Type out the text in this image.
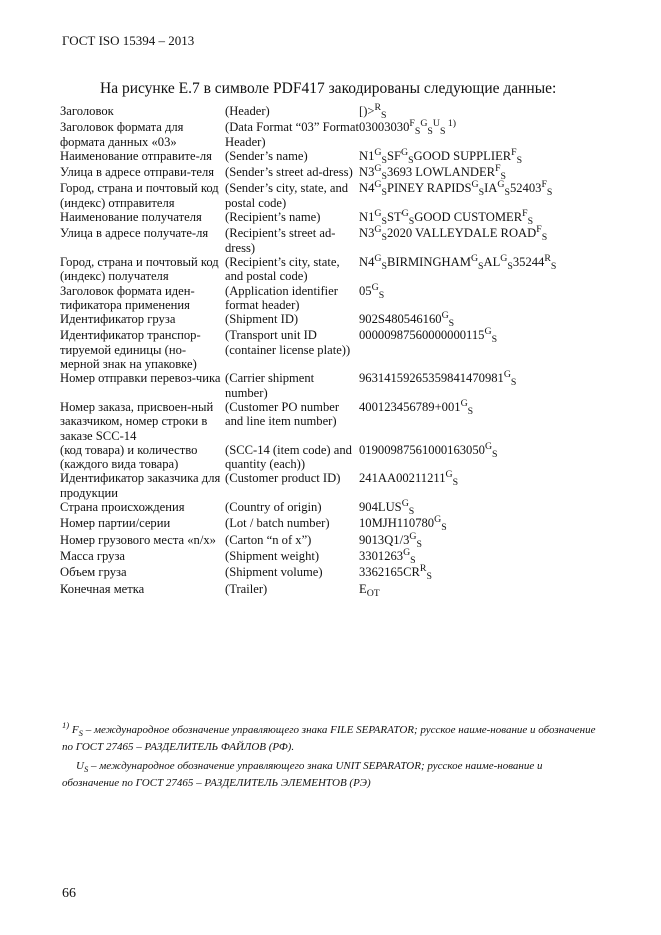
ГОСТ ISO 15394 – 2013
На рисунке Е.7 в символе PDF417 закодированы следующие данные:
Заголовок	(Header)	[)>$^R_S$
Заголовок формата для формата данных «03»	(Data Format “03” Format Header)	$03003030^F_S^G_S^U_S$ $^{1)}$
Наименование отправите-ля	(Sender’s name)	$N1^G_SSF^G_SGOOD$ $SUPPLIER^F_S$
Улица в адресе отправи-теля	(Sender’s street ad-dress)	$N3^G_S3693$ $LOWLANDER^F_S$
Город, страна и почтовый код (индекс) отправителя	(Sender’s city, state, and postal code)	$N4^G_SPINEY$ $RAPIDS^G_SIA^G_S52403^F_S$
Наименование получателя	(Recipient’s name)	$N1^G_SST^G_SGOOD$ $CUSTOMER^F_S$
Улица в адресе получате-ля	(Recipient’s street ad-dress)	$N3^G_S2020$ VALLEYDALE $ROAD^F_S$
Город, страна и почтовый код (индекс) получателя	(Recipient’s city, state, and postal code)	$N4^G_SBIRMINGHAM^G_SAL^G_S35244^R_S$
Заголовок формата иден-тификатора применения	(Application identifier format header)	$05^G_S$
Идентификатор груза	(Shipment ID)	$902S480546160^G_S$
Идентификатор транспор-тируемой единицы (но-мерной знак на упаковке)	(Transport unit ID (container license plate))	$00000987560000000115^G_S$
Номер отправки перевоз-чика	(Carrier shipment number)	$96314159265359841470981^G_S$
Номер заказа, присвоен-ный заказчиком, номер строки в заказе SCC-14	(Customer PO number and line item number)	$400123456789+001^G_S$
(код товара) и количество (каждого вида товара)	(SCC-14 (item code) and quantity (each))	$01900987561000163050^G_S$
Идентификатор заказчика для продукции	(Customer product ID)	$241AA00211211^G_S$
Страна происхождения	(Country of origin)	$904LUS^G_S$
Номер партии/серии	(Lot / batch number)	$10MJH110780^G_S$
Номер грузового места «n/x»	(Carton “n of x”)	$9013Q1/3^G_S$
Масса груза	(Shipment weight)	$3301263^G_S$
Объем груза	(Shipment volume)	$3362165CR^R_S$
Конечная метка	(Trailer)	$E_{OT}$
$^{1)}$ $F_S$ – международное обозначение управляющего знака FILE SEPARATOR; русское наиме-нование и обозначение по ГОСТ 27465 – РАЗДЕЛИТЕЛЬ ФАЙЛОВ (РФ).
$U_S$ – международное обозначение управляющего знака UNIT SEPARATOR; русское наиме-нование и обозначение по ГОСТ 27465 – РАЗДЕЛИТЕЛЬ ЭЛЕМЕНТОВ (РЭ)
66
